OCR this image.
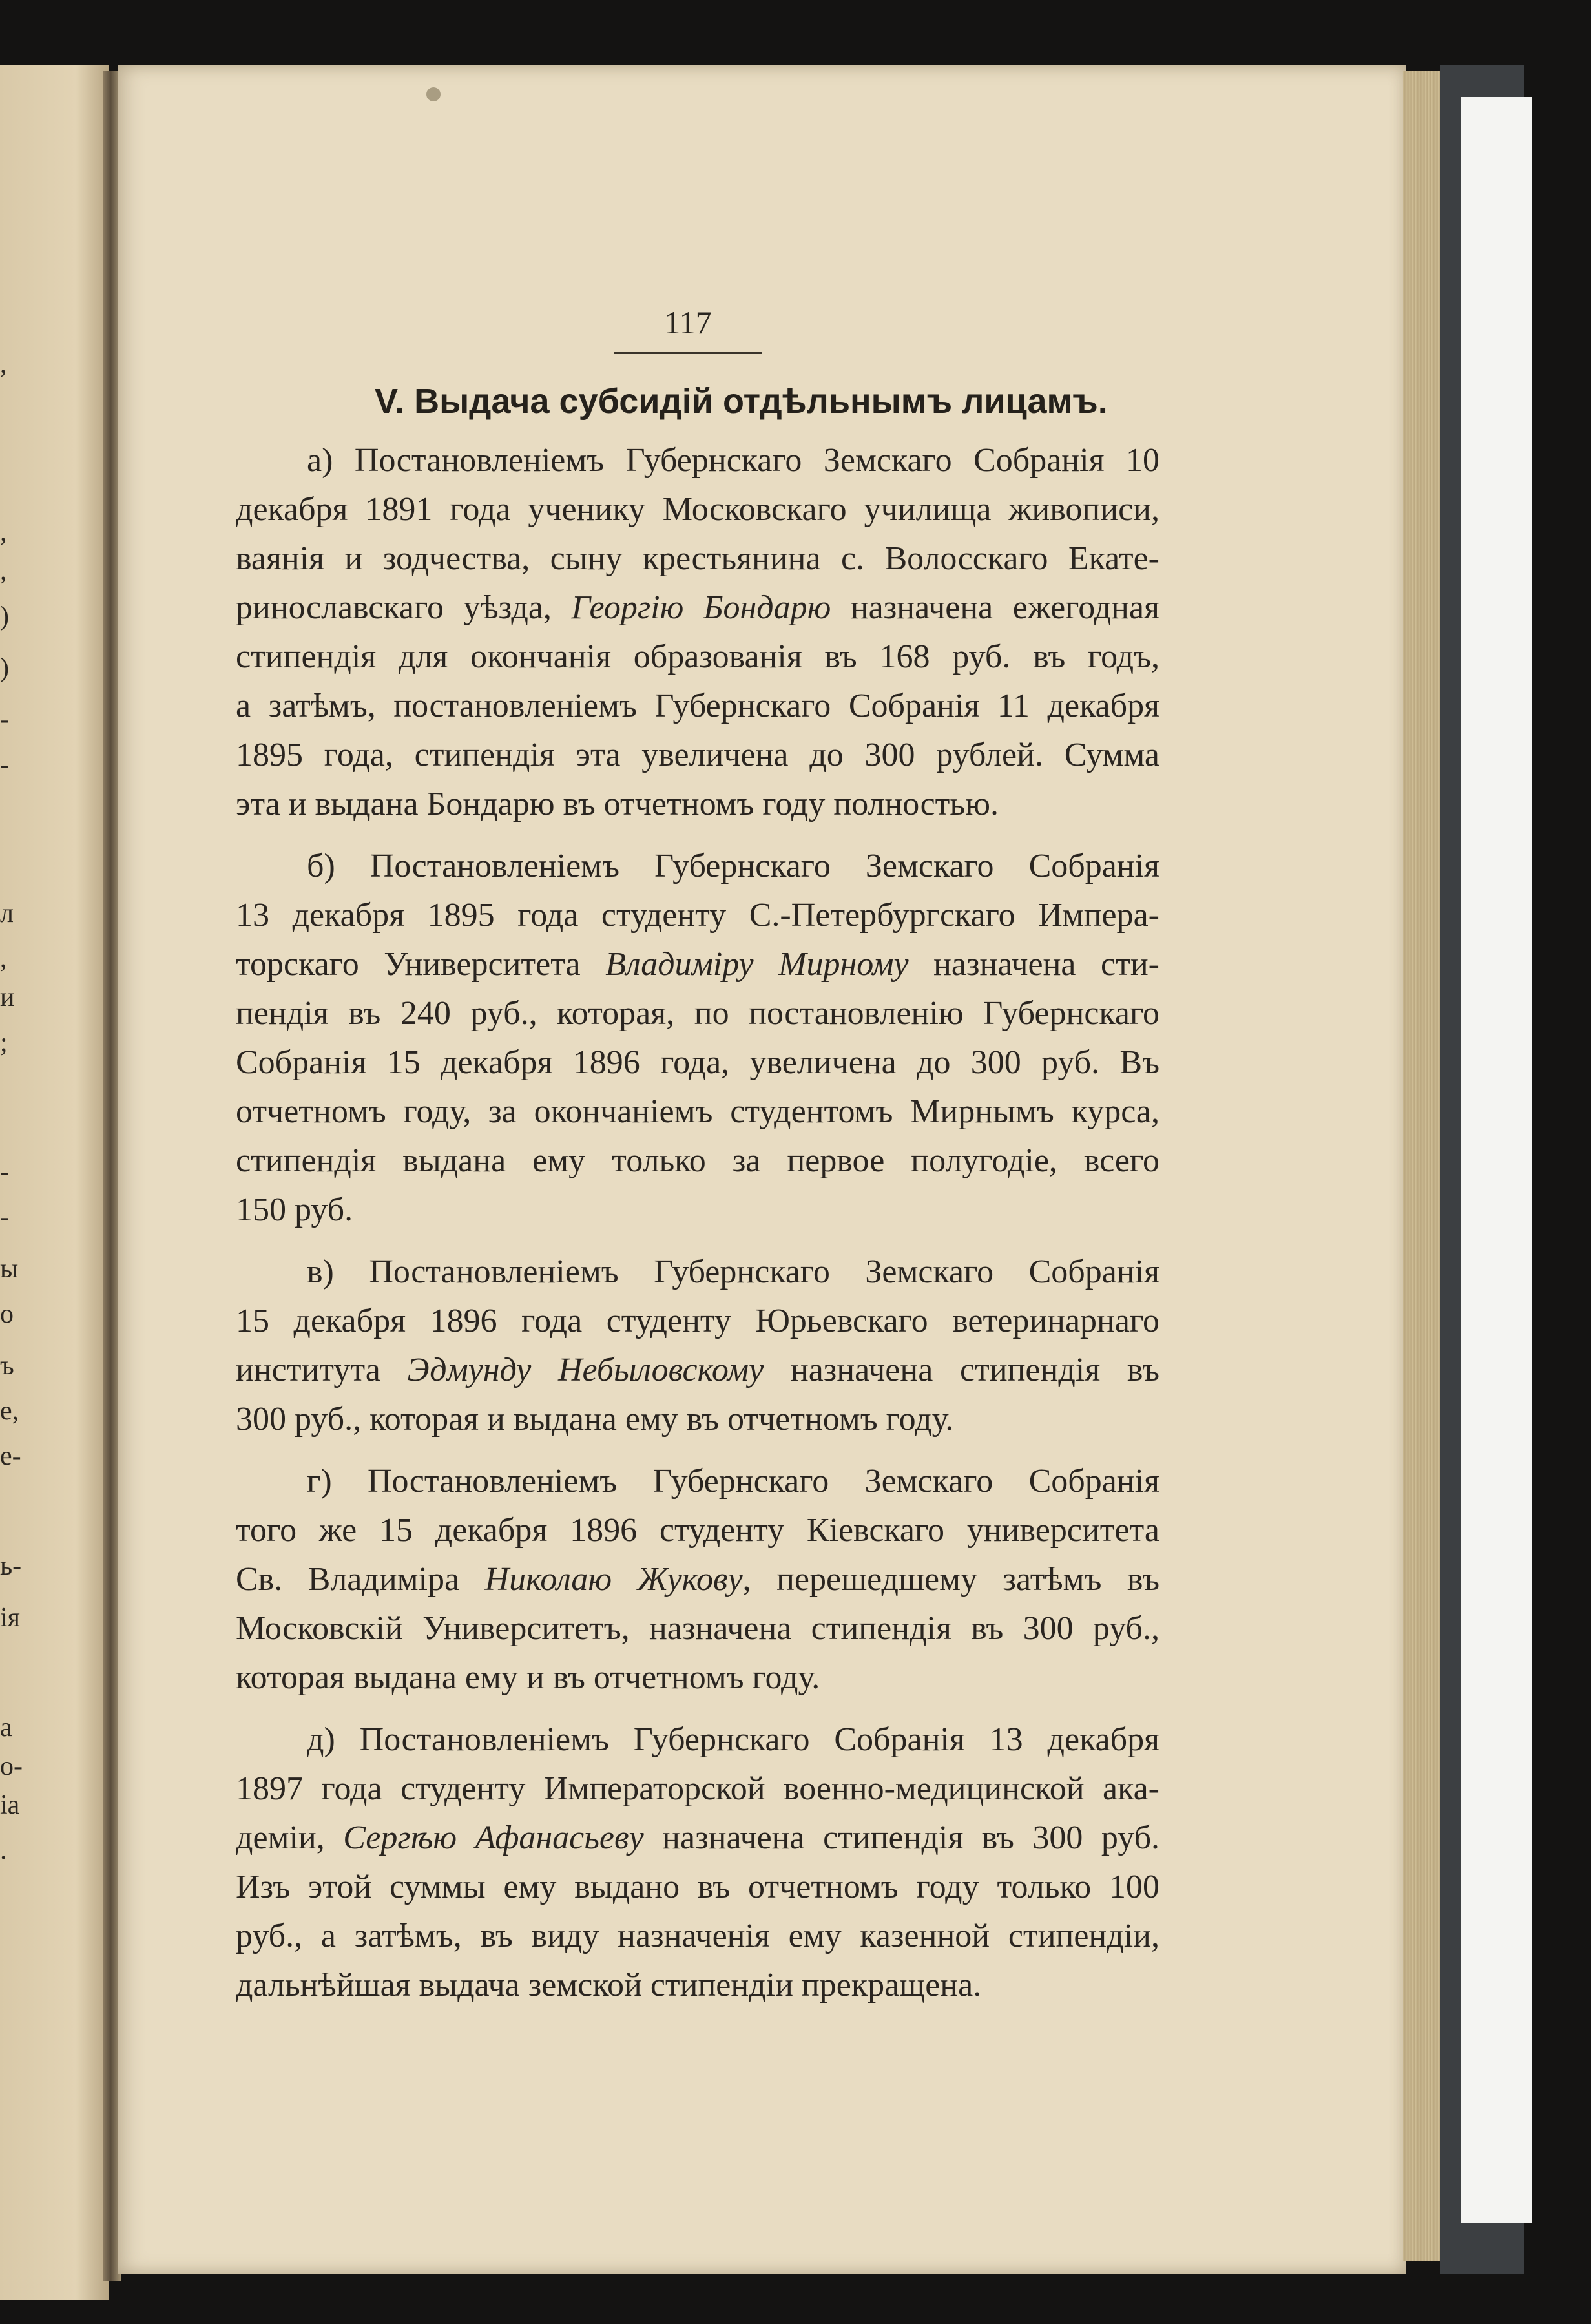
,
,
,
)
)
-
-
л
,
и
;
-
-
ы
о
ъ
е,
е-
ь-
ія
а
о-
іа
.
117
V. Выдача субсидій отдѣльнымъ лицамъ.
а) Постановленіемъ Губернскаго Земскаго Собранія 10
декабря 1891 года ученику Московскаго училища живописи,
ваянія и зодчества, сыну крестьянина с. Волосскаго Екате-
ринославскаго уѣзда, Георгію Бондарю назначена ежегодная
стипендія для окончанія образованія въ 168 руб. въ годъ,
а затѣмъ, постановленіемъ Губернскаго Собранія 11 декабря
1895 года, стипендія эта увеличена до 300 рублей. Сумма
эта и выдана Бондарю въ отчетномъ году полностью.
б) Постановленіемъ Губернскаго Земскаго Собранія
13 декабря 1895 года студенту С.-Петербургскаго Импера-
торскаго Университета Владиміру Мирному назначена сти-
пендія въ 240 руб., которая, по постановленію Губернскаго
Собранія 15 декабря 1896 года, увеличена до 300 руб. Въ
отчетномъ году, за окончаніемъ студентомъ Мирнымъ курса,
стипендія выдана ему только за первое полугодіе, всего
150 руб.
в) Постановленіемъ Губернскаго Земскаго Собранія
15 декабря 1896 года студенту Юрьевскаго ветеринарнаго
института Эдмунду Небыловскому назначена стипендія въ
300 руб., которая и выдана ему въ отчетномъ году.
г) Постановленіемъ Губернскаго Земскаго Собранія
того же 15 декабря 1896 студенту Кіевскаго университета
Св. Владиміра Николаю Жукову, перешедшему затѣмъ въ
Московскій Университетъ, назначена стипендія въ 300 руб.,
которая выдана ему и въ отчетномъ году.
д) Постановленіемъ Губернскаго Собранія 13 декабря
1897 года студенту Императорской военно-медицинской ака-
деміи, Сергѣю Афанасьеву назначена стипендія въ 300 руб.
Изъ этой суммы ему выдано въ отчетномъ году только 100
руб., а затѣмъ, въ виду назначенія ему казенной стипендіи,
дальнѣйшая выдача земской стипендіи прекращена.
